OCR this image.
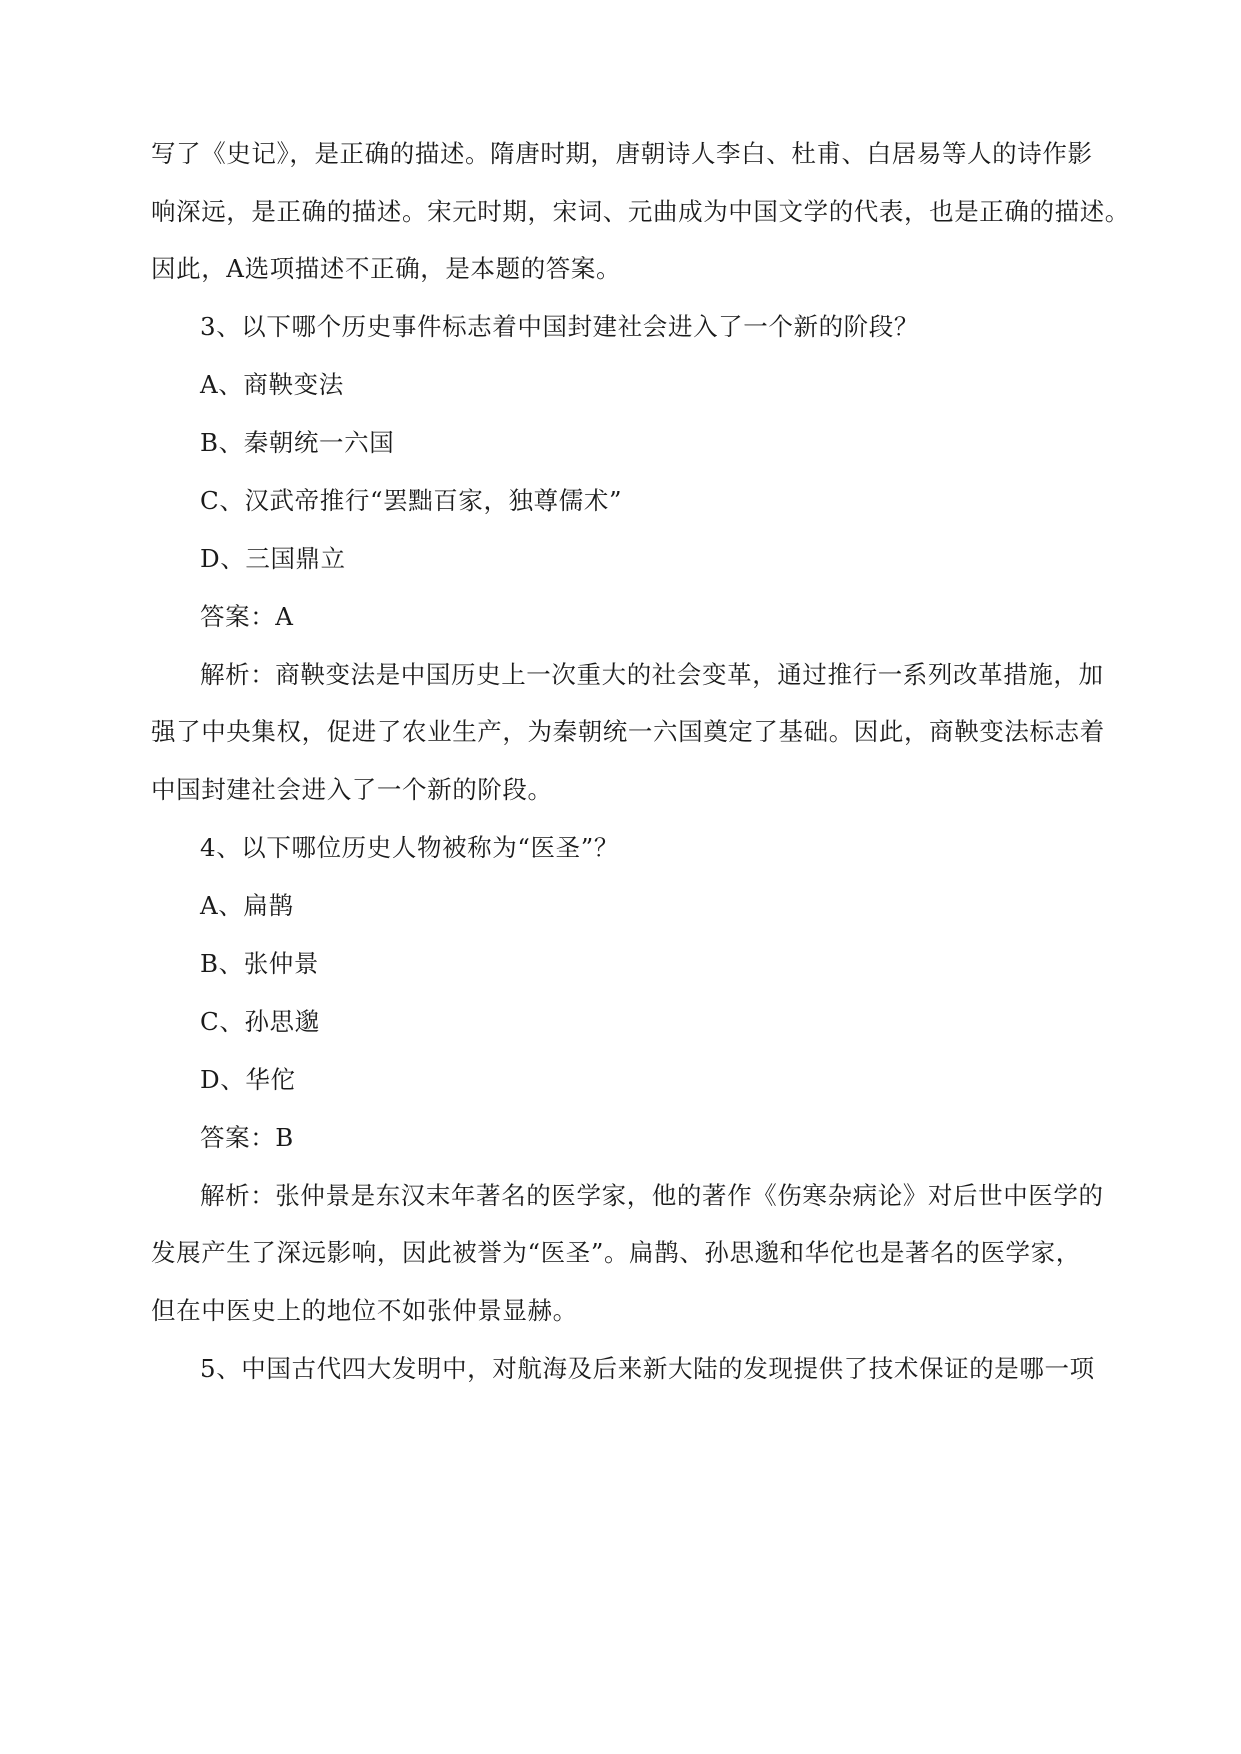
写了《史记》，是正确的描述。隋唐时期，唐朝诗人李白、杜甫、白居易等人的诗作影
响深远，是正确的描述。宋元时期，宋词、元曲成为中国文学的代表，也是正确的描述。
因此，A选项描述不正确，是本题的答案。
3、以下哪个历史事件标志着中国封建社会进入了一个新的阶段？
A、商鞅变法
B、秦朝统一六国
C、汉武帝推行“罢黜百家，独尊儒术”
D、三国鼎立
答案：A
解析：商鞅变法是中国历史上一次重大的社会变革，通过推行一系列改革措施，加
强了中央集权，促进了农业生产，为秦朝统一六国奠定了基础。因此，商鞅变法标志着
中国封建社会进入了一个新的阶段。
4、以下哪位历史人物被称为“医圣”？
A、扁鹊
B、张仲景
C、孙思邈
D、华佗
答案：B
解析：张仲景是东汉末年著名的医学家，他的著作《伤寒杂病论》对后世中医学的
发展产生了深远影响，因此被誉为“医圣”。扁鹊、孙思邈和华佗也是著名的医学家，
但在中医史上的地位不如张仲景显赫。
5、中国古代四大发明中，对航海及后来新大陆的发现提供了技术保证的是哪一项
